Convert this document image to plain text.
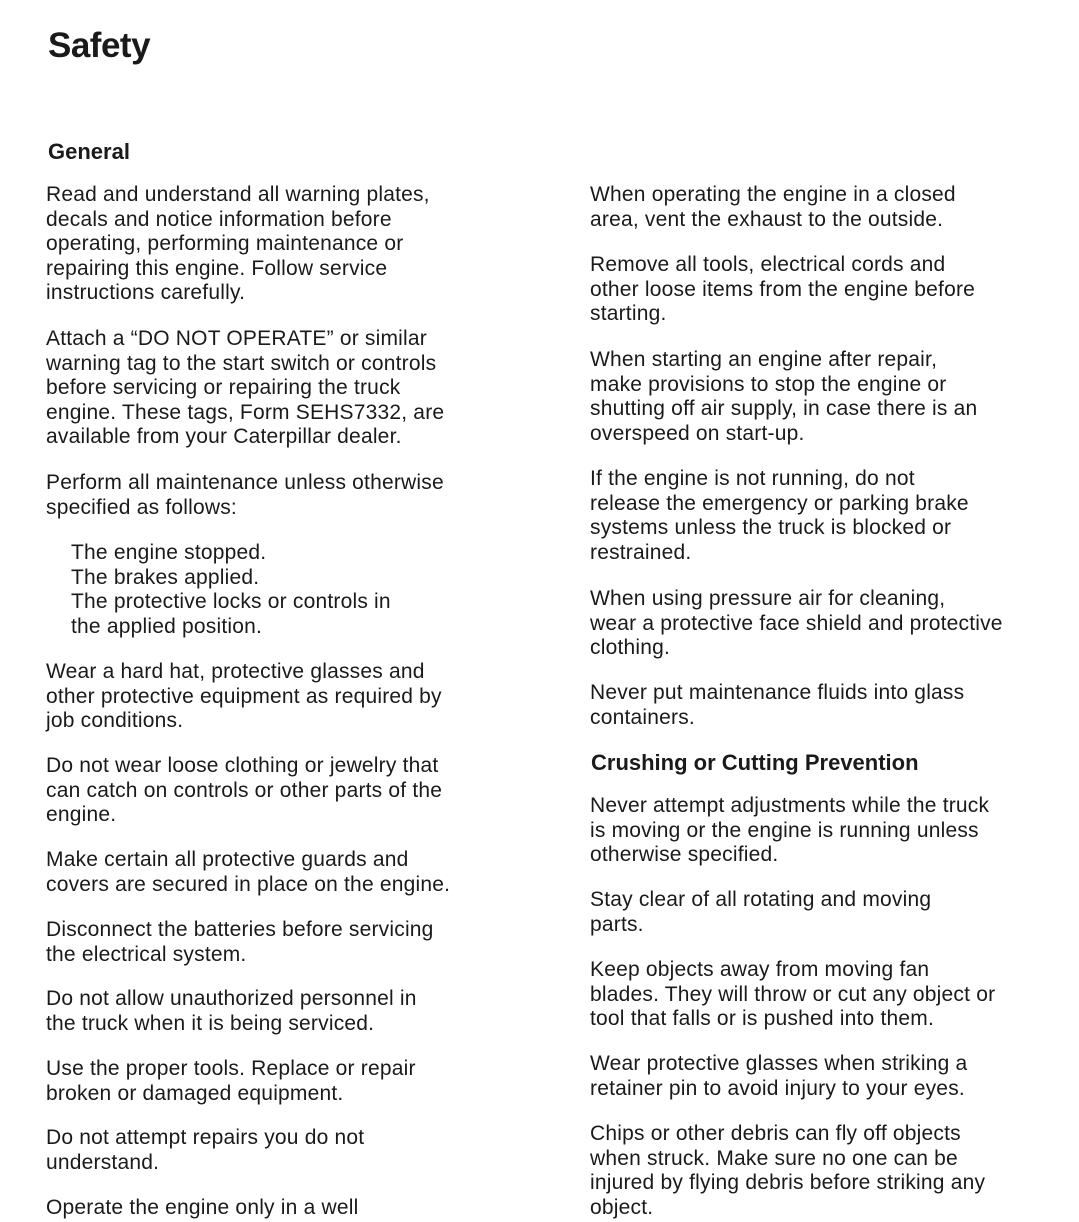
Safety
General

Read and understand all warning plates,
decals and notice information before
operating, performing maintenance or
repairing this engine. Follow service
instructions carefully.

Attach a “DO NOT OPERATE” or similar
warning tag to the start switch or controls
before servicing or repairing the truck
engine. These tags, Form SEHS7332, are
available from your Caterpillar dealer.

Perform all maintenance unless otherwise
specified as follows:

The engine stopped.
The brakes applied.
The protective locks or controls in
the applied position.

Wear a hard hat, protective glasses and
other protective equipment as required by
job conditions.

Do not wear loose clothing or jewelry that
can catch on controls or other parts of the
engine.

Make certain all protective guards and
covers are secured in place on the engine.

Disconnect the batteries before servicing
the electrical system.

Do not allow unauthorized personnel in
the truck when it is being serviced.

Use the proper tools. Replace or repair
broken or damaged equipment.

Do not attempt repairs you do not
understand.

Operate the engine only in a well

When operating the engine in a closed
area, vent the exhaust to the outside.

Remove all tools, electrical cords and
other loose items from the engine before
starting.

When starting an engine after repair,
make provisions to stop the engine or
shutting off air supply, in case there is an
overspeed on start-up.

If the engine is not running, do not
release the emergency or parking brake
systems unless the truck is blocked or
restrained.

When using pressure air for cleaning,
wear a protective face shield and protective
clothing.

Never put maintenance fluids into glass
containers.

Crushing or Cutting Prevention

Never attempt adjustments while the truck
is moving or the engine is running unless
otherwise specified.

Stay clear of all rotating and moving
parts.

Keep objects away from moving fan
blades. They will throw or cut any object or
tool that falls or is pushed into them.

Wear protective glasses when striking a
retainer pin to avoid injury to your eyes.

Chips or other debris can fly off objects
when struck. Make sure no one can be
injured by flying debris before striking any
object.
